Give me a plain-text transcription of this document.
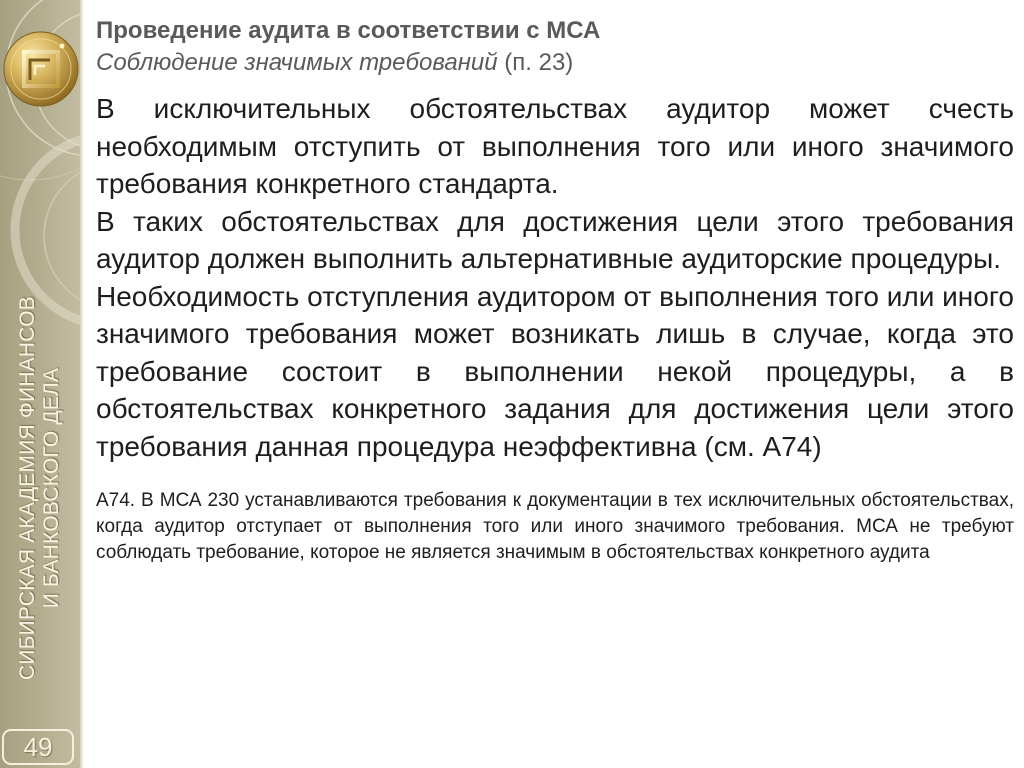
СИБИРСКАЯ АКАДЕМИЯ ФИНАНСОВ И БАНКОВСКОГО ДЕЛА
49
Проведение аудита в соответствии с МСА

Соблюдение значимых требований (п. 23)

В исключительных обстоятельствах аудитор может счесть необходимым отступить от выполнения того или иного значимого требования конкретного стандарта.

В таких обстоятельствах для достижения цели этого требования аудитор должен выполнить альтернативные аудиторские процедуры.

Необходимость отступления аудитором от выполнения того или иного значимого требования может возникать лишь в случае, когда это требование состоит в выполнении некой процедуры, а в обстоятельствах конкретного задания для достижения цели этого требования данная процедура неэффективна (см. А74)

А74. В МСА 230 устанавливаются требования к документации в тех исключительных обстоятельствах, когда аудитор отступает от выполнения того или иного значимого требования. МСА не требуют соблюдать требование, которое не является значимым в обстоятельствах конкретного аудита
